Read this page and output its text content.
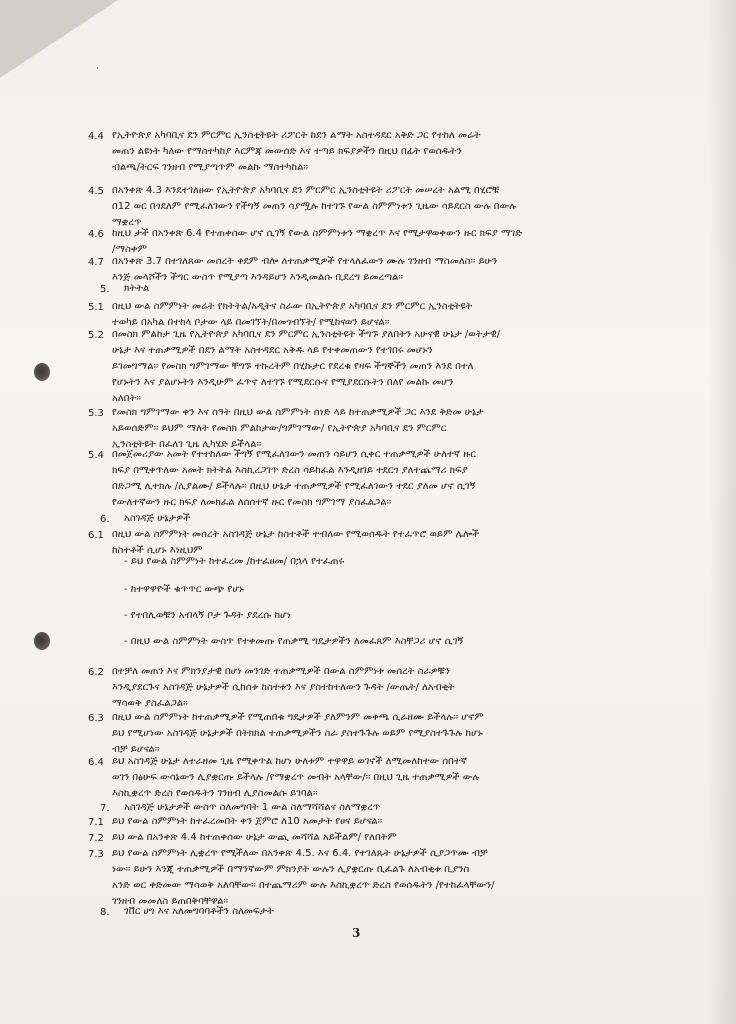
·
4.4 የኢትዮጵያ አካባቢና ደን ምርምር ኢንስቲትዩት ሪፖርት ከደን ልማት አስተዳደር አቅድ ጋር የተከለ መሬት
መጠን ልዩነት ካለው የማስተካከያ እርምጃ መውሰድ እና ተጣይ ክፍያዎችን በዚህ በፊት የወሰዱትን
ብልጫ/ትርፍ ገንዘብ የሚያጣጥም መልኩ ማስተካከል፡፡
4.5 በአንቀጽ 4.3 እንደተገለፀው የኢትዮጵያ አካባቢና ደን ምርምር ኢንስቲትዩት ሪፖርት መሠረት አልሚ በሂሮቹ
በ12 ወር በጎደለም የሚፈለገውን የችግኝ መጠን ሳያሟሉ ከተገኙ የውል ስምምነቱን ጊዜው ሳይደርስ ውሉ በውሉ
ማቋረጥ
4.6 ከዚህ ታች በአንቀጽ 6.4 የተጠቀሰው ሆኖ ሲገኝ የውል ስምምነቱን ማቋረጥ እና የሚታዋወቀውን ዙር ክፍያ ማገድ
/ማስቀም
4.7 በአንቀጽ 3.7 በተገለጸው መሰረት ቀደም ብሎ ለተጠቃሚዎች የተላለፈውን ሙሉ ገንዘብ ማስመለስ፡፡ ይሁን
እንጅ መላሾችን ችግር ውስጥ የሚያጣ እንዳይሆን እንዲመልሱ ቢደረግ ይመረጣል፡፡
5. ክትትል
5.1 በዚህ ውል ስምምነት መሬት የክትትል/አዲትና ስራው በኢትዮጵያ አካባቢና ደን ምርምር ኢንስቲትዩት
ተወካይ በአካል በተከላ ቦታው ላይ በመገኘት/በመጎብኘት/ የሚከናወን ይሆናል፡፡
5.2 በመስክ ምልከታ ጊዜ የኢትዮጵያ አካባቢና ደን ምርምር ኢንስቲትዩት ችግኙ ያለበትን አሁናዊ ሁኔታ /ወትታዊ/
ሁኔታ እና ተጠቃሚዎች በደን ልማት አስተዳደር አቅዱ ላይ የተቀመጠውን የተገበሩ መሆኑን
ይገመግማል፡፡ የመስክ ግምገማው ቸግኙ ተኩረትም በሂኩታር የደረቁ የዛፍ ችግኞችን መጠን እንደ በተለ
የሆኑትን እና ያልሆኑትን እንዲሁም ፈጥኖ ለተገኙ የሚደርሱና የሚያደርሱትን በለየ መልኩ መሆን
አለበት፡፡
5.3 የመስክ ግምገማው ቀን እና ሰዓት በዚህ ውል ስምምነት ሰነድ ላይ ከተጠቃሚዎች ጋር እንደ ቅድመ ሁኔታ
አይወሰድም፡፡ ይህም ማለት የመስክ ምልከታው/ግምገማው/ የኢትዮጵያ አካባቢና ደን ምርምር
ኢንስቲትዩት በፈለገ ጊዜ ሊካሄድ ይችላል፡፡
5.4 በመጀመሪያው አመት የተተከለው ችግኝ የሚፈለገውን መጠን ሳይሆን ሲቀር ተጠቃሚዎች ሁለተኛ ዙር
ክፍያ በሚቀጥለው አመት ክትትል እስኪረጋገጥ ድረስ ሳይከፈል እንዲዘገይ ተደርጎ ያለተጨማሪ ክፍያ
በድጋሚ ሊተክሉ /ሊያልሙ/ ይችላሉ፡፡ በዚህ ሁኔታ ተጠቃሚዎች የሚፈለገውን ተደር ያለመ ሆኖ ሲገኝ
የውለተኛውን ዙር ክፍያ ለመክፈል ለሰሰተኛ ዙር የመስክ ግምገማ ያስፈልጋል፡፡
6. አስገዳጅ ሁኔታዎች
6.1 በዚህ ውል ስምምነት መሰረት አስገዳጅ ሁኔታ ከስተቶች ተብለው የሚወሰዱት የተፈጥሮ ወይም ሌሎች
ከስተቶች ሲሆኑ እነዚህም
- ይህ የውል ስምምነት ከተፈረመ /ከተፈፀመ/ በኋላ የተፈጠሩ
- ከተዋዋዮች ቁጥጥር ውጭ የሆኑ
- የተበሊወቹን አብላኝ ቦታ ጉዳት ያደረሱ ከሆነ
- በዚህ ውል ስምምነት ውስጥ የተቀመጡ የጠቃሚ ግዴታዎችን ለመፈጸም እስቸጋሪ ሆኖ ሲገኝ
6.2 በተቻለ መጠን እና ምክንያታዊ በሆነ መንገድ ተጠቃሚዎች በውል ስምምነቱ መሰረት ስራዎቹን
እንዲያደርጉና አስገዳጅ ሁኔታዎች ሲከሰቱ ከስተቱን እና ያስተከተለውን ጉዳት /ውጤት/ ለአብቂት
ማሳወቅ ያስፈልጋል፡፡
6.3 በዚህ ውል ስምምነት ከተጠቃሚዎች የሚጠበቁ ግዴታዎች ያለምንም መቀጫ ሲራዘሙ ይችላሉ፡፡ ሆኖም
ይህ የሚሆነው አስገዳጅ ሁኔታዎች በትክክል ተጠቃሚዎችን ስራ ያስተጉጉሉ ወይም የሚያስተጉጉሉ ከሆኑ
ብቻ ይሆናል፡፡
6.4 ይህ አስገዳጅ ሁኔታ ለተራዘመ ጊዜ የሚቀጥል ከሆነ ሁለቱም ተዋዋይ ወገኖች ለሚመለከተው ሰበተኛ
ወገን በፅሁፍ ውሳኔውን ሊያቋርጡ ይችላሉ /የማቋረጥ መብት አላቸው/፡፡ በዚህ ጊዜ ተጠቃሚዎች ውሉ
እስኪቋረጥ ድረስ የወሰዱትን ገንዘብ ሊያስመልሱ ይገባል፡፡
7. አስገዳጅ ሁኔታዎች ውስጥ ስለመግባት 1 ውል ስለማሻሻልና ስለማቋረጥ
7.1 ይህ የውል ስምምነት ከተፈረመበት ቀን ጀምሮ ለ10 አመታት የፀና ይሆናል፡፡
7.2 ይህ ውል በአንቀጽ 4.4 ከተጠቀሰው ሁኔታ ውጪ መሻሻል አይችልም/ የለበትም
7.3 ይህ የውል ስምምነት ሊቋረጥ የሚችለው በአንቀጽ 4.5. እና 6.4. የተገለጹት ሁኔታዎች ሲያጋጥሙ ብቻ
ነው፡፡ ይሁን እንጂ ተጠቃሚዎች በማንኛውም ምክንያት ውሉን ሊያቋርጡ ቢፈልጉ ለአብቂቱ ቢያንስ
አንድ ወር ቀድመው ማሳወቅ አለባቸው፡፡ በተጨማሪም ውሉ እስኪቋረጥ ድረስ የወሰዱትን /የተከፈላቸውን/
ገንዘብ መመለስ ይጠበቅባቸዋል፡፡
8. ገቨር ሀግ እና አለመግባባቶችን ስለመፍታት
3
